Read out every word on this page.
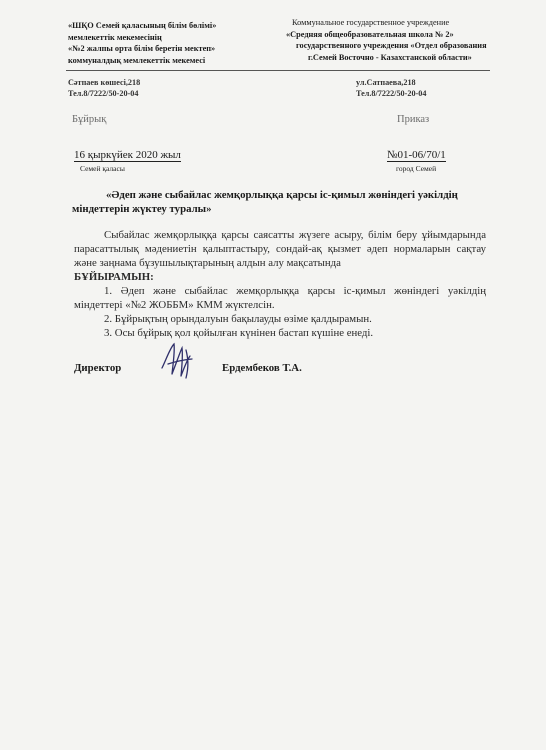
«ШҚО Семей қаласының білім бөлімі»
мемлекеттік мекемесінің
«№2 жалпы орта білім беретін мектеп»
коммуналдық мемлекеттік мекемесі
Коммунальное государственное учреждение
«Средняя общеобразовательная школа № 2»
государственного учреждения «Отдел образования
г.Семей Восточно - Казахстанской области»
Сәтпаев көшесі,218
Тел.8/7222/50-20-04
ул.Сатпаева,218
Тел.8/7222/50-20-04
Бұйрық	Приказ
16 қыркүйек 2020 жыл
Семей қаласы
№01-06/70/1
город Семей
«Әдеп және сыбайлас жемқорлыққа қарсы іс-қимыл жөніндегі уәкілдің міндеттерін жүктеу туралы»

Сыбайлас жемқорлыққа қарсы саясатты жүзеге асыру, білім беру ұйымдарында парасаттылық мәдениетін қалыптастыру, сондай-ақ қызмет әдеп нормаларын сақтау және заңнама бұзушылықтарының алдын алу мақсатында
БҰЙЫРАМЫН:

1. Әдеп және сыбайлас жемқорлыққа қарсы іс-қимыл жөніндегі уәкілдің міндеттері «№2 ЖОББМ» КММ жүктелсін.

2. Бұйрықтың орындалуын бақылауды өзіме қалдырамын.

3. Осы бұйрық қол қойылған күнінен бастап күшіне енеді.

Директор	Ердембеков Т.А.
